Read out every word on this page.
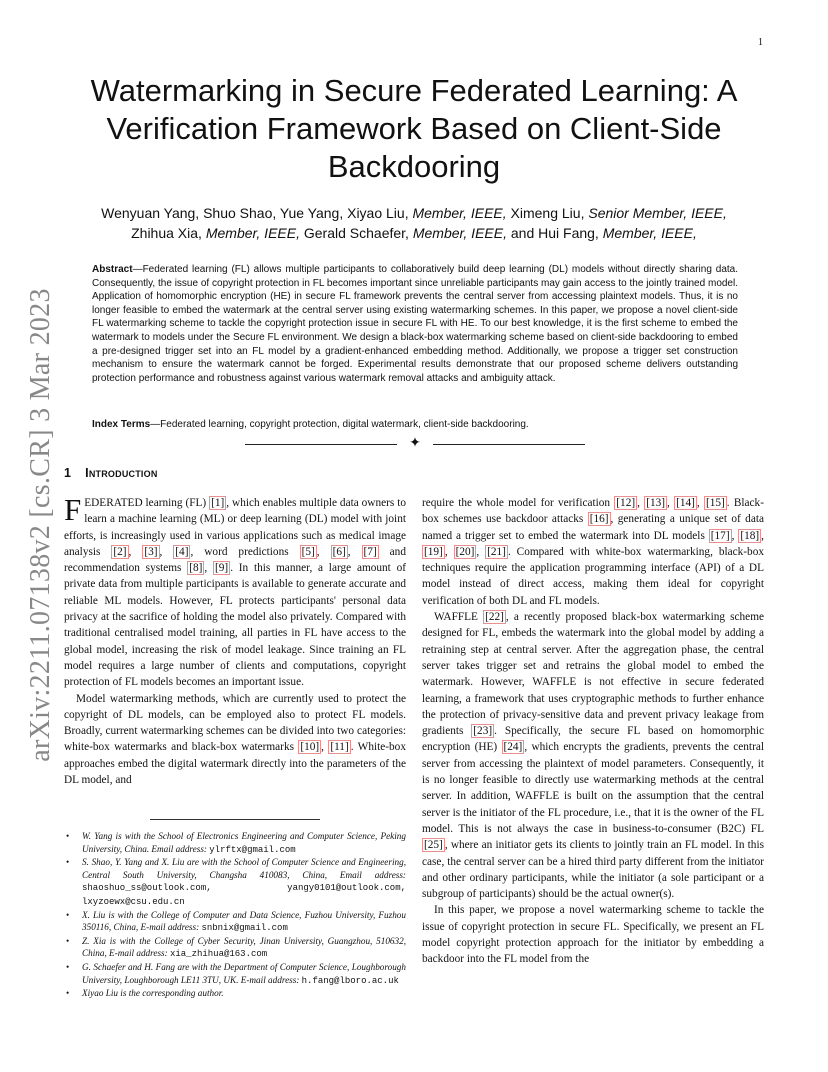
1
arXiv:2211.07138v2 [cs.CR] 3 Mar 2023
Watermarking in Secure Federated Learning: A Verification Framework Based on Client-Side Backdooring
Wenyuan Yang, Shuo Shao, Yue Yang, Xiyao Liu, Member, IEEE, Ximeng Liu, Senior Member, IEEE,
Zhihua Xia, Member, IEEE, Gerald Schaefer, Member, IEEE, and Hui Fang, Member, IEEE,

Abstract—Federated learning (FL) allows multiple participants to collaboratively build deep learning (DL) models without directly sharing data. Consequently, the issue of copyright protection in FL becomes important since unreliable participants may gain access to the jointly trained model. Application of homomorphic encryption (HE) in secure FL framework prevents the central server from accessing plaintext models. Thus, it is no longer feasible to embed the watermark at the central server using existing watermarking schemes. In this paper, we propose a novel client-side FL watermarking scheme to tackle the copyright protection issue in secure FL with HE. To our best knowledge, it is the first scheme to embed the watermark to models under the Secure FL environment. We design a black-box watermarking scheme based on client-side backdooring to embed a pre-designed trigger set into an FL model by a gradient-enhanced embedding method. Additionally, we propose a trigger set construction mechanism to ensure the watermark cannot be forged. Experimental results demonstrate that our proposed scheme delivers outstanding protection performance and robustness against various watermark removal attacks and ambiguity attack.

Index Terms—Federated learning, copyright protection, digital watermark, client-side backdooring.

✦
1 Introduction

FEDERATED learning (FL) [1] , which enables multiple data owners to learn a machine learning (ML) or deep learning (DL) model with joint efforts, is increasingly used in various applications such as medical image analysis [2] , [3] , [4] , word predictions [5] , [6] , [7] and recommendation systems [8] , [9] . In this manner, a large amount of private data from multiple participants is available to generate accurate and reliable ML models. However, FL protects participants' personal data privacy at the sacrifice of holding the model also privately. Compared with traditional centralised model training, all parties in FL have access to the global model, increasing the risk of model leakage. Since training an FL model requires a large number of clients and computations, copyright protection of FL models becomes an important issue.

Model watermarking methods, which are currently used to protect the copyright of DL models, can be employed also to protect FL models. Broadly, current watermarking schemes can be divided into two categories: white-box watermarks and black-box watermarks [10] , [11] . White-box approaches embed the digital watermark directly into the parameters of the DL model, and

• W. Yang is with the School of Electronics Engineering and Computer Science, Peking University, China. Email address: ylrftx@gmail.com
• S. Shao, Y. Yang and X. Liu are with the School of Computer Science and Engineering, Central South University, Changsha 410083, China, Email address: shaoshuo_ss@outlook.com, yangy0101@outlook.com, lxyzoewx@csu.edu.cn
• X. Liu is with the College of Computer and Data Science, Fuzhou University, Fuzhou 350116, China, E-mail address: snbnix@gmail.com
• Z. Xia is with the College of Cyber Security, Jinan University, Guangzhou, 510632, China, E-mail address: xia_zhihua@163.com
• G. Schaefer and H. Fang are with the Department of Computer Science, Loughborough University, Loughborough LE11 3TU, UK. E-mail address: h.fang@lboro.ac.uk
• Xiyao Liu is the corresponding author.

require the whole model for verification [12] , [13] , [14] , [15] . Black-box schemes use backdoor attacks [16] , generating a unique set of data named a trigger set to embed the watermark into DL models [17] , [18] , [19] , [20] , [21] . Compared with white-box watermarking, black-box techniques require the application programming interface (API) of a DL model instead of direct access, making them ideal for copyright verification of both DL and FL models.

WAFFLE [22] , a recently proposed black-box watermarking scheme designed for FL, embeds the watermark into the global model by adding a retraining step at central server. After the aggregation phase, the central server takes trigger set and retrains the global model to embed the watermark. However, WAFFLE is not effective in secure federated learning, a framework that uses cryptographic methods to further enhance the protection of privacy-sensitive data and prevent privacy leakage from gradients [23] . Specifically, the secure FL based on homomorphic encryption (HE) [24] , which encrypts the gradients, prevents the central server from accessing the plaintext of model parameters. Consequently, it is no longer feasible to directly use watermarking methods at the central server. In addition, WAFFLE is built on the assumption that the central server is the initiator of the FL procedure, i.e., that it is the owner of the FL model. This is not always the case in business-to-consumer (B2C) FL [25] , where an initiator gets its clients to jointly train an FL model. In this case, the central server can be a hired third party different from the initiator and other ordinary participants, while the initiator (a sole participant or a subgroup of participants) should be the actual owner(s).

In this paper, we propose a novel watermarking scheme to tackle the issue of copyright protection in secure FL. Specifically, we present an FL model copyright protection approach for the initiator by embedding a backdoor into the FL model from the
